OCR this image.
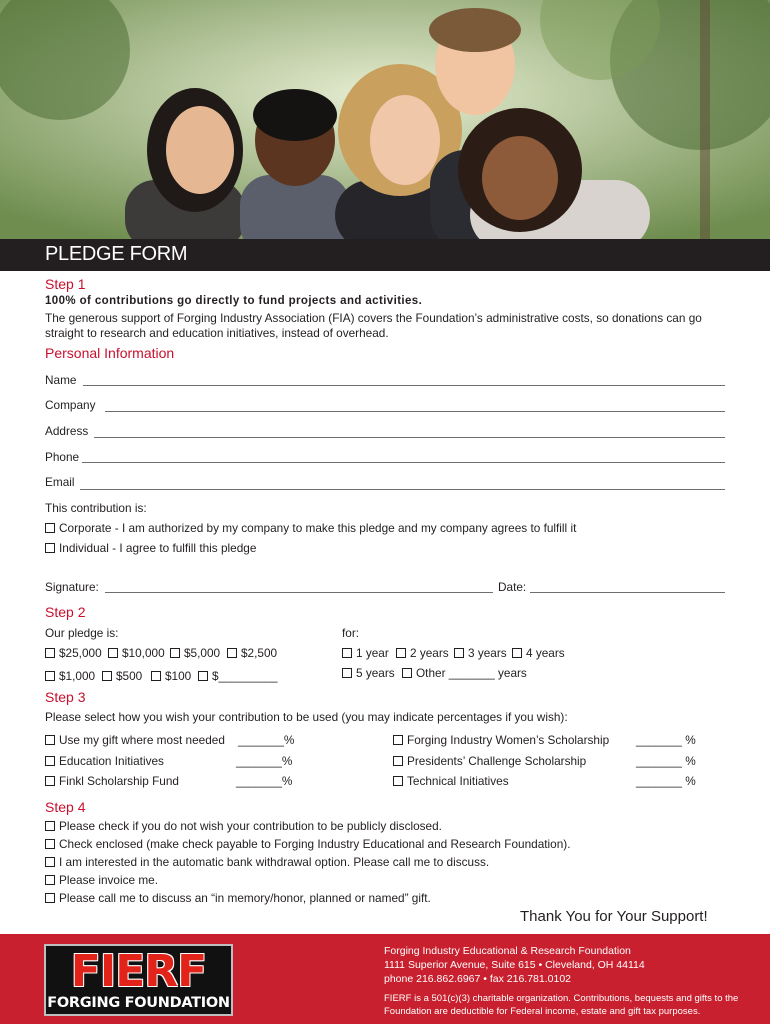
PLEDGE FORM
Step 1
100% of contributions go directly to fund projects and activities.
The generous support of Forging Industry Association (FIA) covers the Foundation’s administrative costs, so donations can go
straight to research and education initiatives, instead of overhead.
Personal Information
Name
Company
Address
Phone
Email
This contribution is:
Corporate - I am authorized by my company to make this pledge and my company agrees to fulfill it
Individual - I agree to fulfill this pledge
Signature:	Date:
Step 2
Our pledge is:	for:
$25,000	$10,000	$5,000	$2,500
$1,000	$500	$100	$_________
1 year	2 years	3 years	4 years
5 years	Other _______ years
Step 3
Please select how you wish your contribution to be used (you may indicate percentages if you wish):
Use my gift where most needed _______%
Education Initiatives	_______%
Finkl Scholarship Fund	_______%
Forging Industry Women’s Scholarship _______ %
Presidents’ Challenge Scholarship	_______ %
Technical Initiatives	_______ %
Step 4
Please check if you do not wish your contribution to be publicly disclosed.
Check enclosed (make check payable to Forging Industry Educational and Research Foundation).
I am interested in the automatic bank withdrawal option. Please call me to discuss.
Please invoice me.
Please call me to discuss an “in memory/honor, planned or named” gift.
Thank You for Your Support!
Forging Industry Educational & Research Foundation
1111 Superior Avenue, Suite 615 • Cleveland, OH 44114
phone 216.862.6967 • fax 216.781.0102
FIERF is a 501(c)(3) charitable organization. Contributions, bequests and gifts to the
Foundation are deductible for Federal income, estate and gift tax purposes.
FIERF
FORGING FOUNDATION
